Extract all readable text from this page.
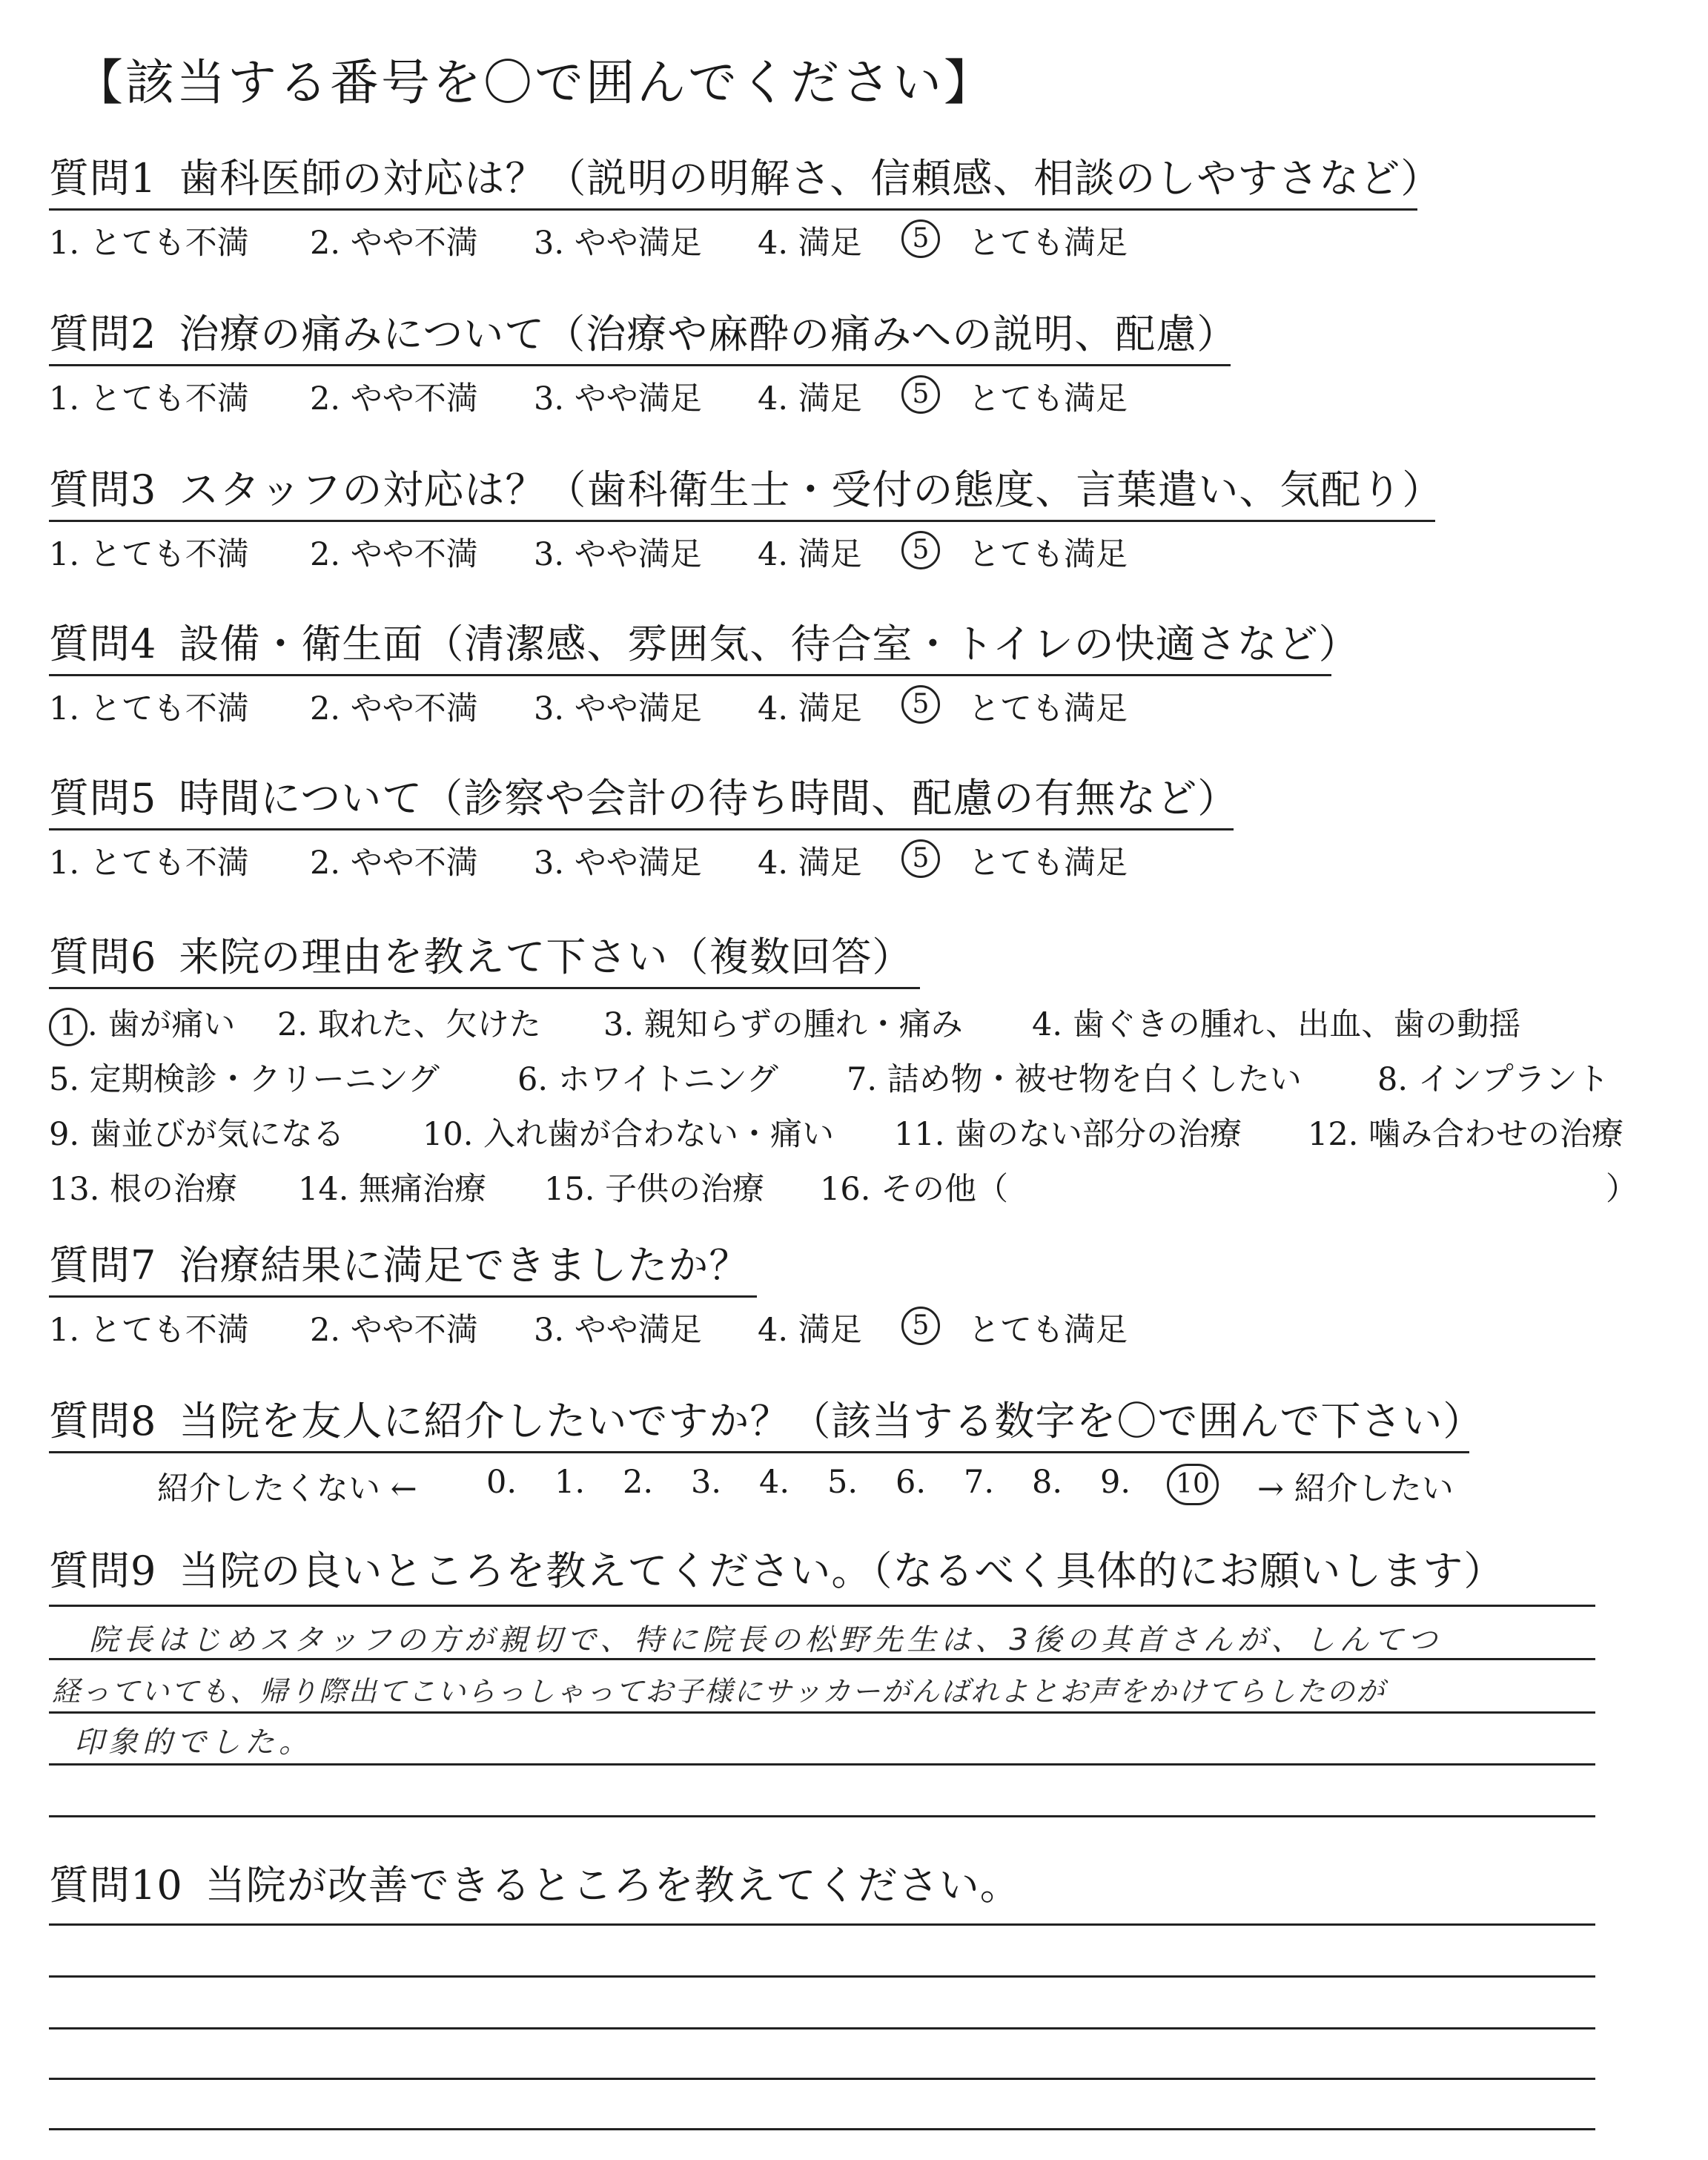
【該当する番号を〇で囲んでください】
質問1 歯科医師の対応は？（説明の明解さ、信頼感、相談のしやすさなど）
1. とても不満 2. やや不満 3. やや満足 4. 満足	5	とても満足
質問2 治療の痛みについて（治療や麻酔の痛みへの説明、配慮）
1. とても不満 2. やや不満 3. やや満足 4. 満足	5	とても満足
質問3 スタッフの対応は？（歯科衛生士・受付の態度、言葉遣い、気配り）
1. とても不満 2. やや不満 3. やや満足 4. 満足	5	とても満足
質問4 設備・衛生面（清潔感、雰囲気、待合室・トイレの快適さなど）
1. とても不満 2. やや不満 3. やや満足 4. 満足	5	とても満足
質問5 時間について（診察や会計の待ち時間、配慮の有無など）
1. とても不満 2. やや不満 3. やや満足 4. 満足	5	とても満足
質問6 来院の理由を教えて下さい（複数回答）
1 . 歯が痛い 2. 取れた、欠けた 3. 親知らずの腫れ・痛み 4. 歯ぐきの腫れ、出血、歯の動揺
5. 定期検診・クリーニング 6. ホワイトニング 7. 詰め物・被せ物を白くしたい 8. インプラント
9. 歯並びが気になる 10. 入れ歯が合わない・痛い 11. 歯のない部分の治療 12. 噛み合わせの治療
13. 根の治療 14. 無痛治療 15. 子供の治療 16. その他（	）
質問7 治療結果に満足できましたか？
1. とても不満 2. やや不満 3. やや満足 4. 満足	5	とても満足
質問8 当院を友人に紹介したいですか？（該当する数字を〇で囲んで下さい）
紹介したくない ← 0. 1. 2. 3. 4. 5. 6. 7. 8. 9.	10 → 紹介したい
質問9 当院の良いところを教えてください。（なるべく具体的にお願いします）
院長はじめスタッフの方が親切で、特に院長の松野先生は、3後の其首さんが、しんてつ
経っていても、帰り際出てこいらっしゃってお子様にサッカーがんばれよとお声をかけてらしたのが
印象的でした。
質問10 当院が改善できるところを教えてください。
